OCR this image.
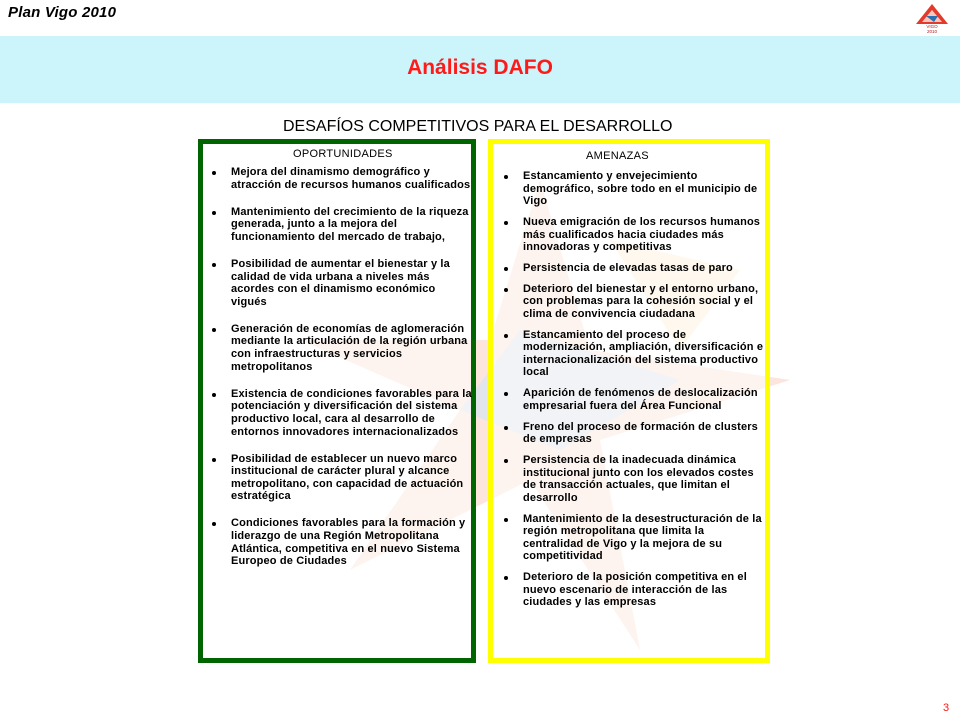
Plan Vigo 2010
VIGO
2010
Análisis DAFO
DESAFÍOS COMPETITIVOS PARA EL DESARROLLO
OPORTUNIDADES
Mejora del dinamismo demográfico y atracción de recursos humanos cualificados
Mantenimiento del crecimiento de la riqueza generada, junto a la mejora del funcionamiento del mercado de trabajo,
Posibilidad de aumentar el bienestar y la calidad de vida urbana a niveles más acordes con el dinamismo económico vigués
Generación de economías de aglomeración mediante la articulación de la región urbana con infraestructuras y servicios metropolitanos
Existencia de condiciones favorables para la potenciación y diversificación del sistema productivo local, cara al desarrollo de entornos innovadores internacionalizados
Posibilidad de establecer un nuevo marco institucional de carácter plural y alcance metropolitano, con capacidad de actuación estratégica
Condiciones favorables para la formación y liderazgo de una Región Metropolitana Atlántica, competitiva en el nuevo Sistema Europeo de Ciudades
AMENAZAS
Estancamiento y envejecimiento demográfico, sobre todo en el municipio de Vigo
Nueva emigración de los recursos humanos más cualificados hacia ciudades más innovadoras y competitivas
Persistencia de elevadas tasas de paro
Deterioro del bienestar y el entorno urbano, con problemas para la cohesión social y el clima de convivencia ciudadana
Estancamiento del proceso de modernización, ampliación, diversificación e internacionalización del sistema productivo local
Aparición de fenómenos de deslocalización empresarial fuera del Área Funcional
Freno del proceso de formación de clusters de empresas
Persistencia de la inadecuada dinámica institucional junto con los elevados costes de transacción actuales, que limitan el desarrollo
Mantenimiento de la desestructuración de la región metropolitana que limita la centralidad de Vigo y la mejora de su competitividad
Deterioro de la posición competitiva en el nuevo escenario de interacción de las ciudades y las empresas
3
